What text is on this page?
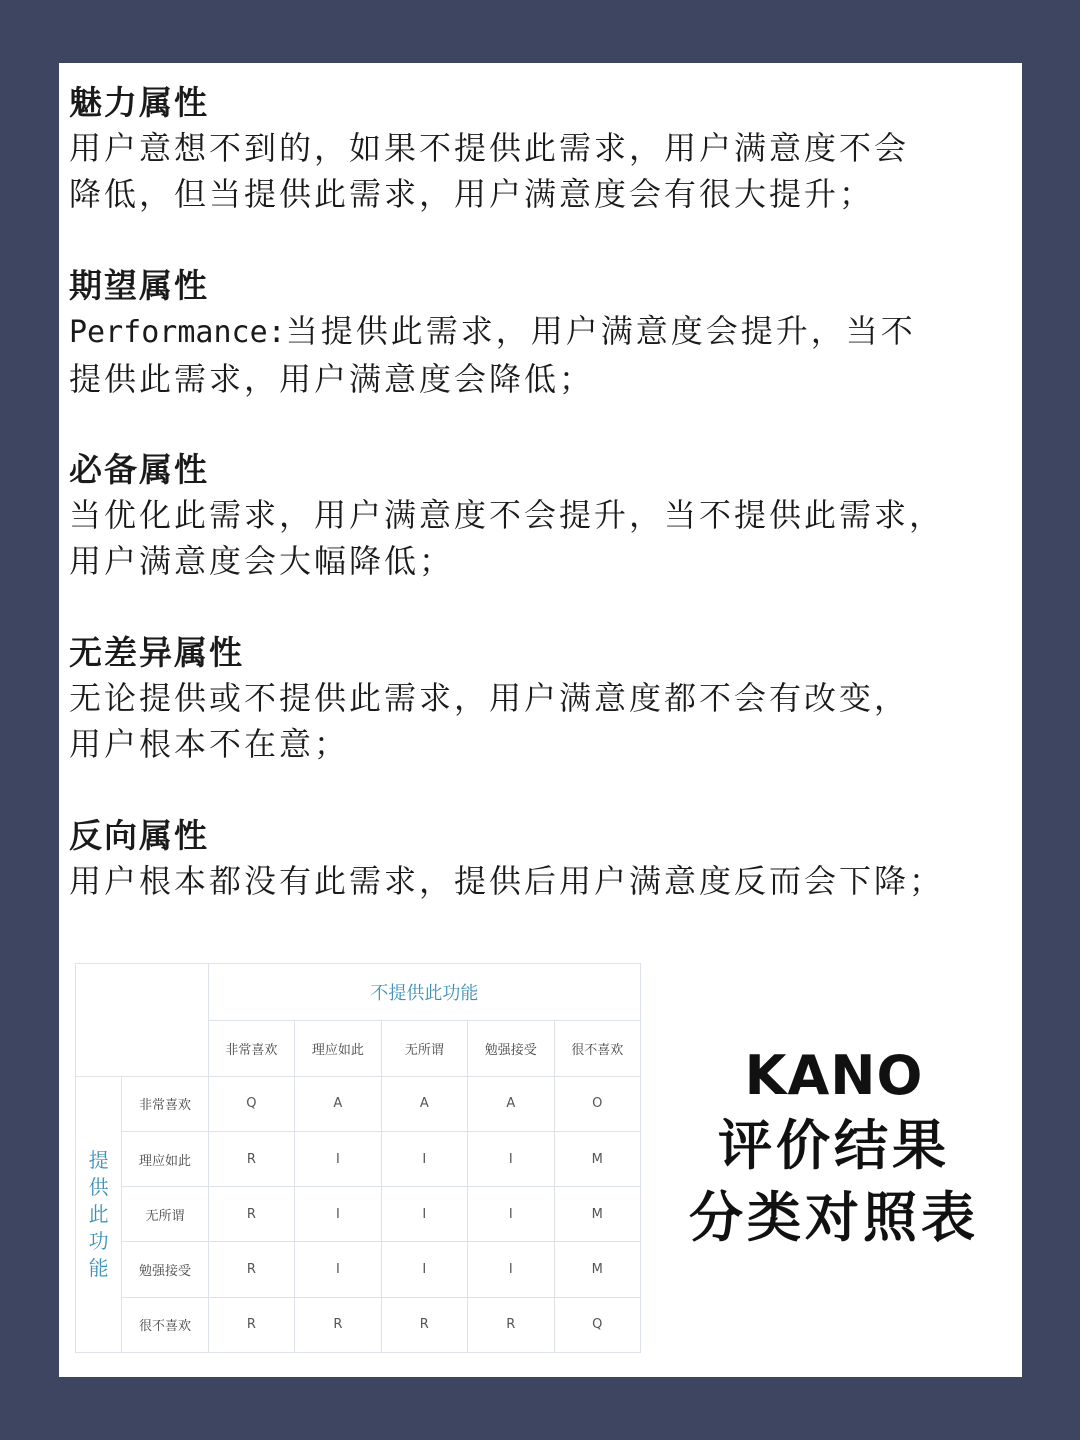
魅力属性

用户意想不到的，如果不提供此需求，用户满意度不会
降低，但当提供此需求，用户满意度会有很大提升；

期望属性

Performance:当提供此需求，用户满意度会提升，当不
提供此需求，用户满意度会降低；

必备属性

当优化此需求，用户满意度不会提升，当不提供此需求，
用户满意度会大幅降低；

无差异属性

无论提供或不提供此需求，用户满意度都不会有改变，
用户根本不在意；

反向属性

用户根本都没有此需求，提供后用户满意度反而会下降；

		不提供此功能				
		非常喜欢	理应如此	无所谓	勉强接受	很不喜欢
提
供
此
功
能	非常喜欢	Q	A	A	A	O
	理应如此	R	I	I	I	M
	无所谓	R	I	I	I	M
	勉强接受	R	I	I	I	M
	很不喜欢	R	R	R	R	Q

KANO

评价结果

分类对照表
